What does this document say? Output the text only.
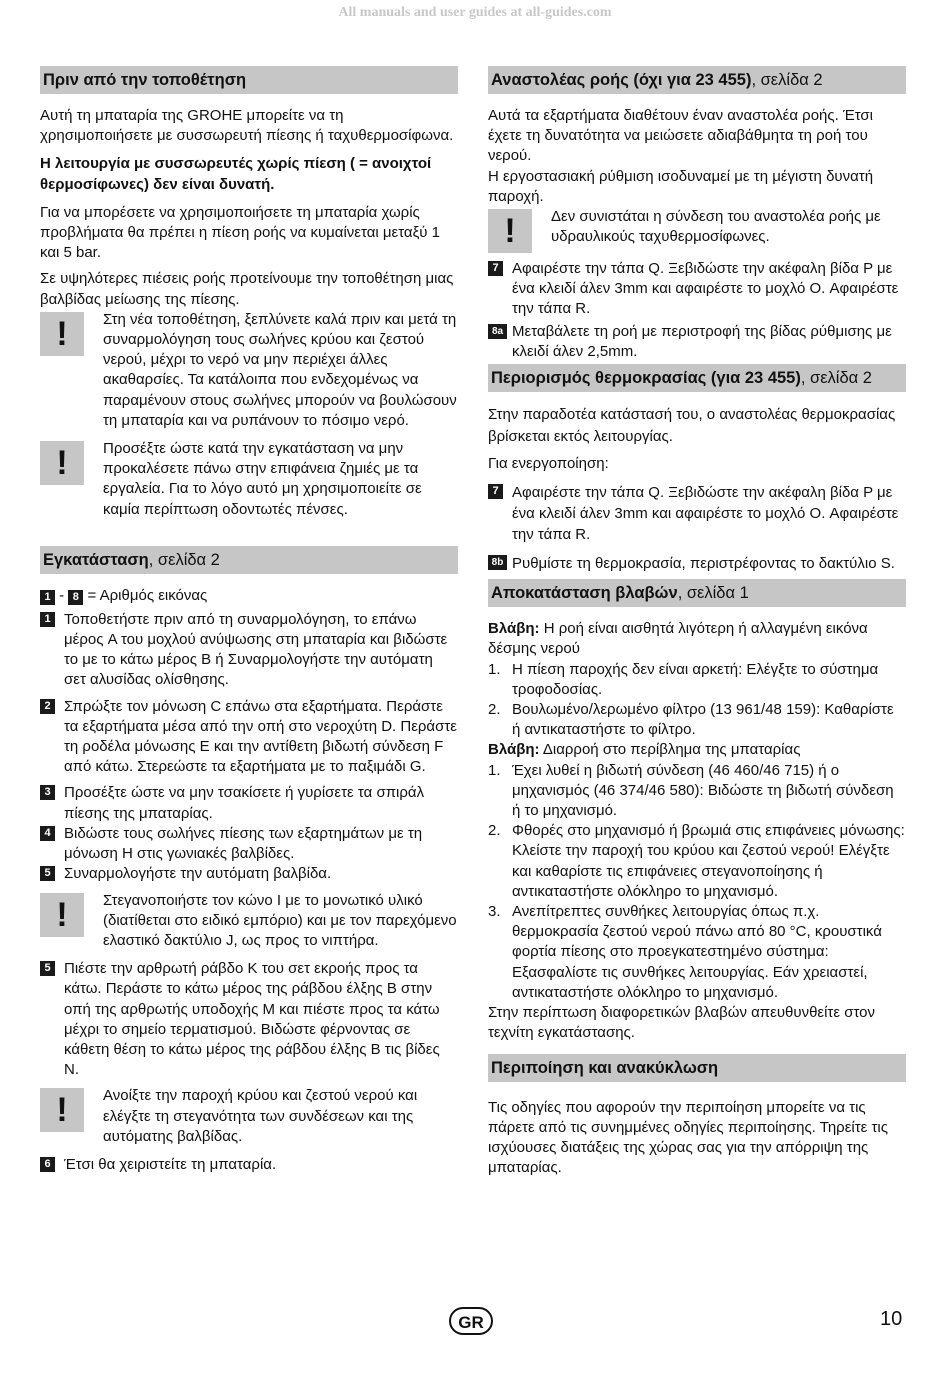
All manuals and user guides at all-guides.com
Πριν από την τοποθέτηση

Αυτή τη μπαταρία της GROHE μπορείτε να τη χρησιμοποιήσετε με συσσωρευτή πίεσης ή ταχυθερμοσίφωνα.

Η λειτουργία με συσσωρευτές χωρίς πίεση ( = ανοιχτοί θερμοσίφωνες) δεν είναι δυνατή.

Για να μπορέσετε να χρησιμοποιήσετε τη μπαταρία χωρίς προβλήματα θα πρέπει η πίεση ροής να κυμαίνεται μεταξύ 1 και 5 bar.

Σε υψηλότερες πιέσεις ροής προτείνουμε την τοποθέτηση μιας βαλβίδας μείωσης της πίεσης.

!	Στη νέα τοποθέτηση, ξεπλύνετε καλά πριν και μετά τη συναρμολόγηση τους σωλήνες κρύου και ζεστού νερού, μέχρι το νερό να μην περιέχει άλλες ακαθαρσίες. Τα κατάλοιπα που ενδεχομένως να παραμένουν στους σωλήνες μπορούν να βουλώσουν τη μπαταρία και να ρυπάνουν το πόσιμο νερό.
!	Προσέξτε ώστε κατά την εγκατάσταση να μην προκαλέσετε πάνω στην επιφάνεια ζημιές με τα εργαλεία. Για το λόγο αυτό μη χρησιμοποιείτε σε καμία περίπτωση οδοντωτές πένσες.
Εγκατάσταση, σελίδα 2
1 - 8 = Αριθμός εικόνας
1 Τοποθετήστε πριν από τη συναρμολόγηση, το επάνω μέρος A του μοχλού ανύψωσης στη μπαταρία και βιδώστε το με το κάτω μέρος B ή Συναρμολογήστε την αυτόματη σετ αλυσίδας ολίσθησης.
2 Σπρώξτε τον μόνωση C επάνω στα εξαρτήματα. Περάστε τα εξαρτήματα μέσα από την οπή στο νεροχύτη D. Περάστε τη ροδέλα μόνωσης E και την αντίθετη βιδωτή σύνδεση F από κάτω. Στερεώστε τα εξαρτήματα με το παξιμάδι G.
3 Προσέξτε ώστε να μην τσακίσετε ή γυρίσετε τα σπιράλ πίεσης της μπαταρίας.
4 Βιδώστε τους σωλήνες πίεσης των εξαρτημάτων με τη μόνωση H στις γωνιακές βαλβίδες.
5 Συναρμολογήστε την αυτόματη βαλβίδα.
!	Στεγανοποιήστε τον κώνο I με το μονωτικό υλικό (διατίθεται στο ειδικό εμπόριο) και με τον παρεχόμενο ελαστικό δακτύλιο J, ως προς το νιπτήρα.
5 Πιέστε την αρθρωτή ράβδο K του σετ εκροής προς τα κάτω. Περάστε το κάτω μέρος της ράβδου έλξης B στην οπή της αρθρωτής υποδοχής M και πιέστε προς τα κάτω μέχρι το σημείο τερματισμού. Βιδώστε φέρνοντας σε κάθετη θέση το κάτω μέρος της ράβδου έλξης B τις βίδες N.
!	Ανοίξτε την παροχή κρύου και ζεστού νερού και ελέγξτε τη στεγανότητα των συνδέσεων και της αυτόματης βαλβίδας.
6 Έτσι θα χειριστείτε τη μπαταρία.
Αναστολέας ροής (όχι για 23 455), σελίδα 2

Αυτά τα εξαρτήματα διαθέτουν έναν αναστολέα ροής. Έτσι έχετε τη δυνατότητα να μειώσετε αδιαβάθμητα τη ροή του νερού.

Η εργοστασιακή ρύθμιση ισοδυναμεί με τη μέγιστη δυνατή παροχή.

!	Δεν συνιστάται η σύνδεση του αναστολέα ροής με υδραυλικούς ταχυθερμοσίφωνες.
7 Αφαιρέστε την τάπα Q. Ξεβιδώστε την ακέφαλη βίδα P με ένα κλειδί άλεν 3mm και αφαιρέστε το μοχλό O. Αφαιρέστε την τάπα R.
8a Μεταβάλετε τη ροή με περιστροφή της βίδας ρύθμισης με κλειδί άλεν 2,5mm.
Περιορισμός θερμοκρασίας (για 23 455), σελίδα 2

Στην παραδοτέα κατάστασή του, ο αναστολέας θερμοκρασίας βρίσκεται εκτός λειτουργίας.

Για ενεργοποίηση:

7 Αφαιρέστε την τάπα Q. Ξεβιδώστε την ακέφαλη βίδα P με ένα κλειδί άλεν 3mm και αφαιρέστε το μοχλό O. Αφαιρέστε την τάπα R.
8b Ρυθμίστε τη θερμοκρασία, περιστρέφοντας το δακτύλιο S.
Αποκατάσταση βλαβών, σελίδα 1

Βλάβη: Η ροή είναι αισθητά λιγότερη ή αλλαγμένη εικόνα δέσμης νερού

1. Η πίεση παροχής δεν είναι αρκετή: Ελέγξτε το σύστημα τροφοδοσίας.
2. Βουλωμένο/λερωμένο φίλτρο (13 961/48 159): Καθαρίστε ή αντικαταστήστε το φίλτρο.

Βλάβη: Διαρροή στο περίβλημα της μπαταρίας

1. Έχει λυθεί η βιδωτή σύνδεση (46 460/46 715) ή ο μηχανισμός (46 374/46 580): Βιδώστε τη βιδωτή σύνδεση ή το μηχανισμό.
2. Φθορές στο μηχανισμό ή βρωμιά στις επιφάνειες μόνωσης: Κλείστε την παροχή του κρύου και ζεστού νερού! Ελέγξτε και καθαρίστε τις επιφάνειες στεγανοποίησης ή αντικαταστήστε ολόκληρο το μηχανισμό.
3. Ανεπίτρεπτες συνθήκες λειτουργίας όπως π.χ. θερμοκρασία ζεστού νερού πάνω από 80 °C, κρουστικά φορτία πίεσης στο προεγκατεστημένο σύστημα: Εξασφαλίστε τις συνθήκες λειτουργίας. Εάν χρειαστεί, αντικαταστήστε ολόκληρο το μηχανισμό.

Στην περίπτωση διαφορετικών βλαβών απευθυνθείτε στον τεχνίτη εγκατάστασης.

Περιποίηση και ανακύκλωση

Τις οδηγίες που αφορούν την περιποίηση μπορείτε να τις πάρετε από τις συνημμένες οδηγίες περιποίησης. Τηρείτε τις ισχύουσες διατάξεις της χώρας σας για την απόρριψη της μπαταρίας.

GR	10
